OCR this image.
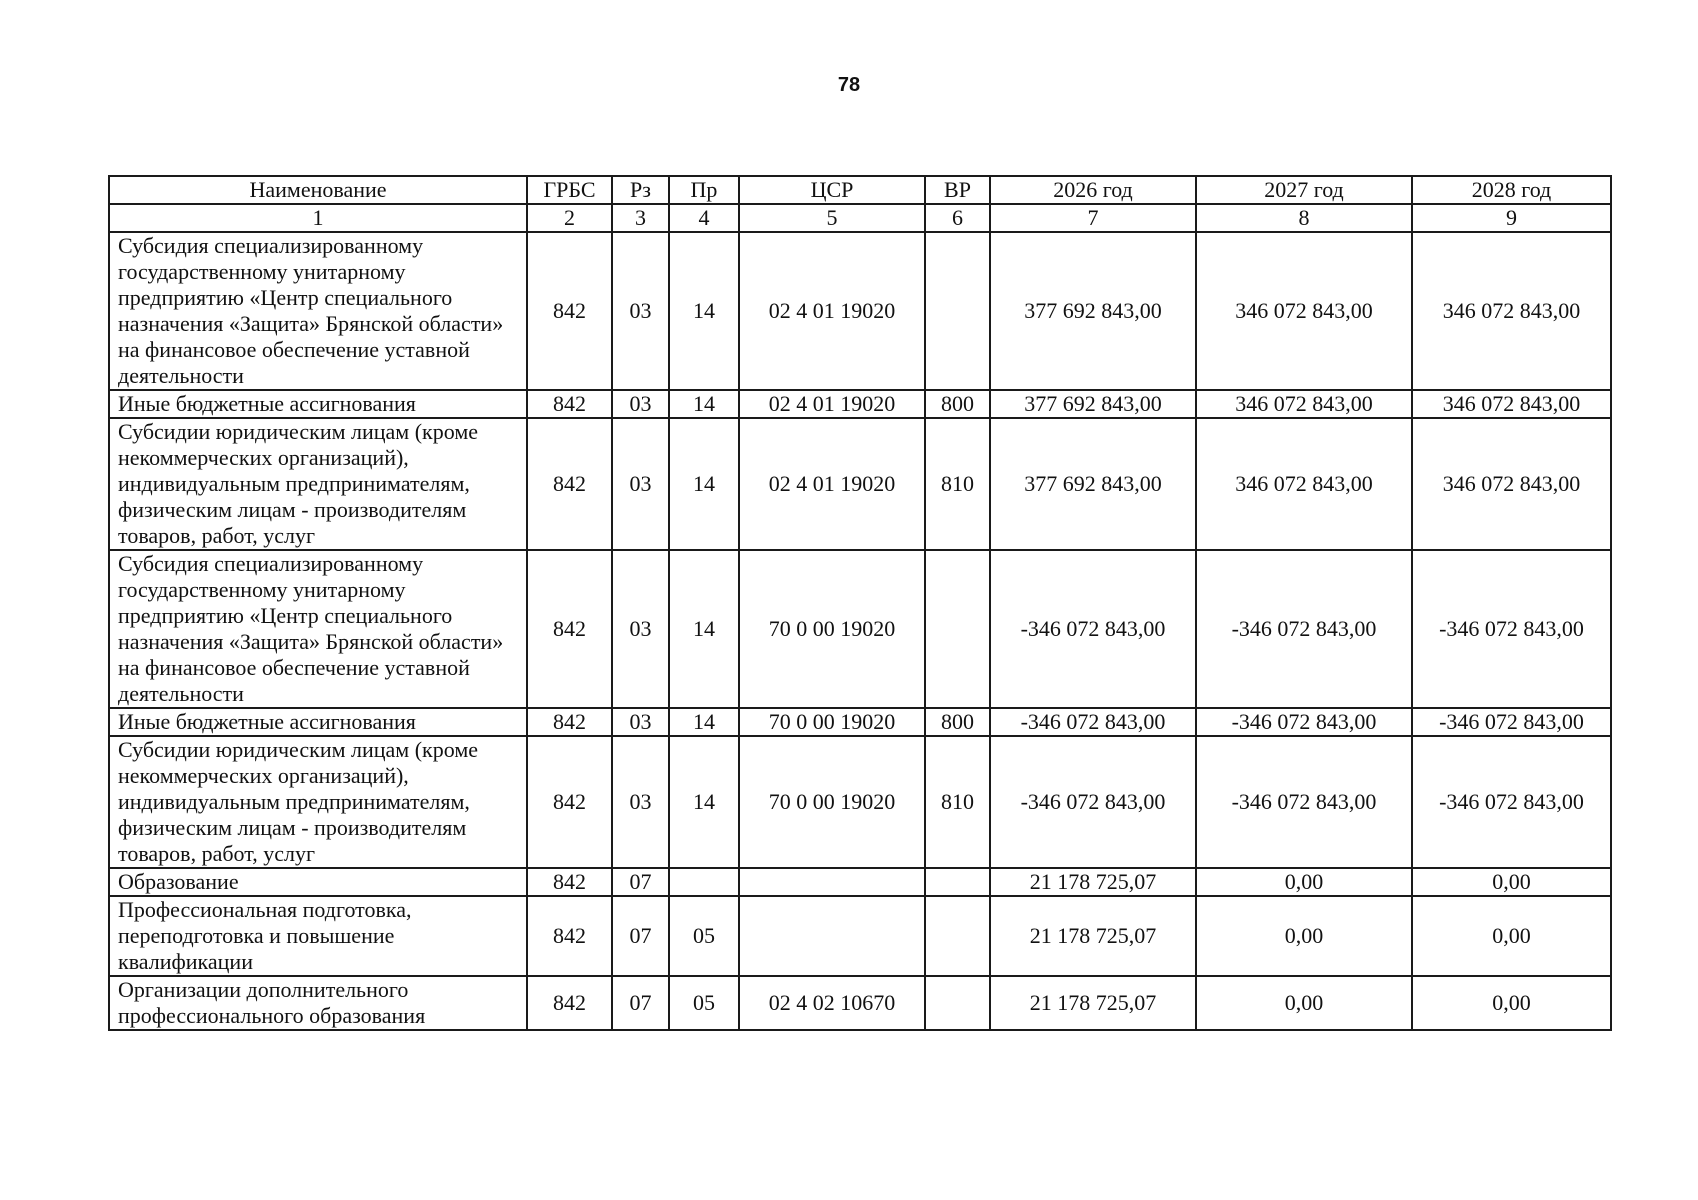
78
Наименование	ГРБС	Рз	Пр	ЦСР	ВР	2026 год	2027 год	2028 год
1	2	3	4	5	6	7	8	9
Субсидия специализированному государственному унитарному предприятию «Центр специального назначения «Защита» Брянской области» на финансовое обеспечение уставной деятельности	842	03	14	02 4 01 19020		377 692 843,00	346 072 843,00	346 072 843,00
Иные бюджетные ассигнования	842	03	14	02 4 01 19020	800	377 692 843,00	346 072 843,00	346 072 843,00
Субсидии юридическим лицам (кроме некоммерческих организаций), индивидуальным предпринимателям, физическим лицам - производителям товаров, работ, услуг	842	03	14	02 4 01 19020	810	377 692 843,00	346 072 843,00	346 072 843,00
Субсидия специализированному государственному унитарному предприятию «Центр специального назначения «Защита» Брянской области» на финансовое обеспечение уставной деятельности	842	03	14	70 0 00 19020		-346 072 843,00	-346 072 843,00	-346 072 843,00
Иные бюджетные ассигнования	842	03	14	70 0 00 19020	800	-346 072 843,00	-346 072 843,00	-346 072 843,00
Субсидии юридическим лицам (кроме некоммерческих организаций), индивидуальным предпринимателям, физическим лицам - производителям товаров, работ, услуг	842	03	14	70 0 00 19020	810	-346 072 843,00	-346 072 843,00	-346 072 843,00
Образование	842	07				21 178 725,07	0,00	0,00
Профессиональная подготовка, переподготовка и повышение квалификации	842	07	05			21 178 725,07	0,00	0,00
Организации дополнительного профессионального образования	842	07	05	02 4 02 10670		21 178 725,07	0,00	0,00
